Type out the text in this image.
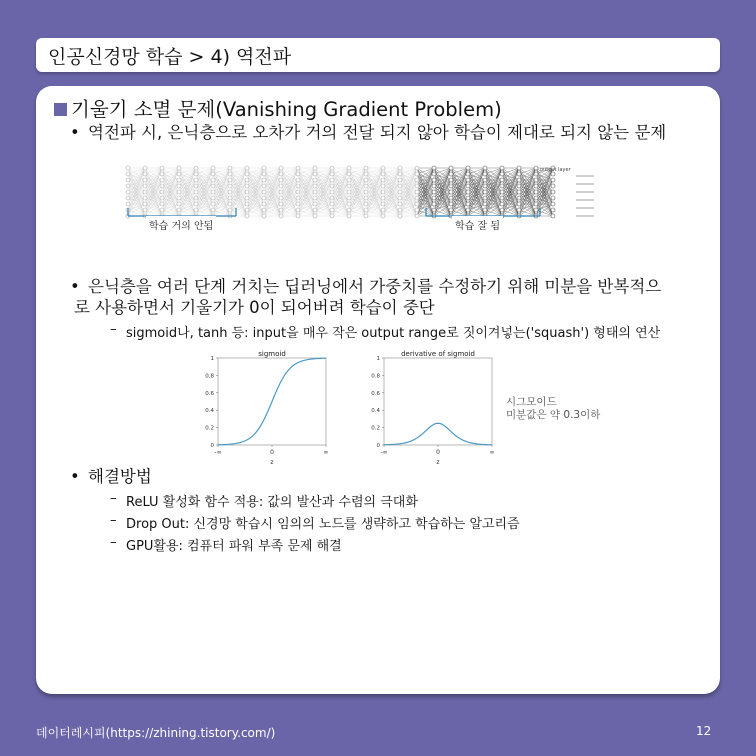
인공신경망 학습 > 4) 역전파
기울기 소멸 문제(Vanishing Gradient Problem)
• 역전파 시, 은닉층으로 오차가 거의 전달 되지 않아 학습이 제대로 되지 않는 문제
output layer
학습 거의 안됨	학습 잘 됨
• 은닉층을 여러 단계 거치는 딥러닝에서 가중치를 수정하기 위해 미분을 반복적으
로 사용하면서 기울기가 0이 되어버려 학습이 중단
– sigmoid나, tanh 등: input을 매우 작은 output range로 짓이겨넣는('squash') 형태의 연산
sigmoid
0
0.2
0.4
0.6
0.8
1
-∞	0	∞
z
derivative of sigmoid
0
0.2
0.4
0.6
0.8
1
-∞	0	∞
z
시그모이드
미분값은 약 0.3이하
• 해결방법
– ReLU 활성화 함수 적용: 값의 발산과 수렴의 극대화
– Drop Out: 신경망 학습시 임의의 노드를 생략하고 학습하는 알고리즘
– GPU활용: 컴퓨터 파워 부족 문제 해결
데이터레시피(https://zhining.tistory.com/)	12
